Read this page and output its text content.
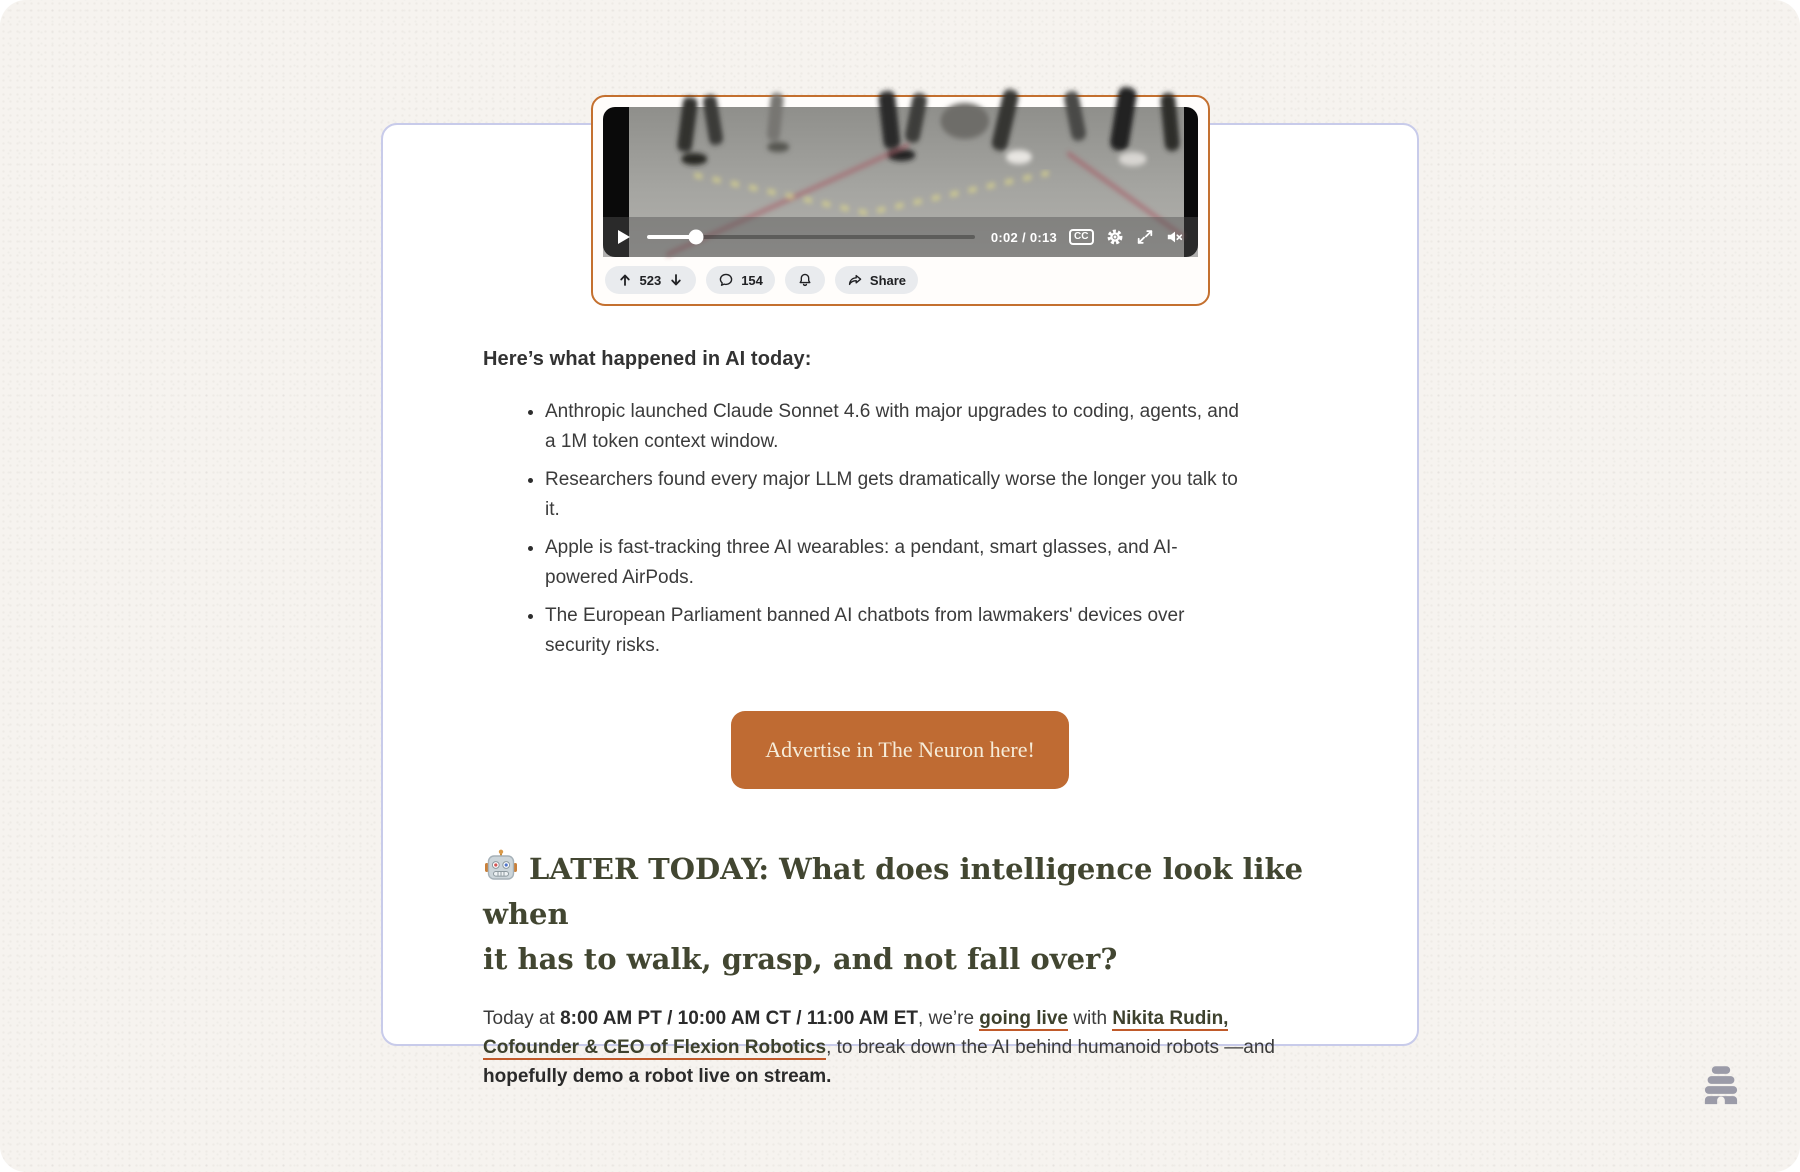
0:02 / 0:13	CC
523	154	Share
Here’s what happened in AI today:
• Anthropic launched Claude Sonnet 4.6 with major upgrades to coding, agents, and a 1M token context window.
• Researchers found every major LLM gets dramatically worse the longer you talk to it.
• Apple is fast-tracking three AI wearables: a pendant, smart glasses, and AI-powered AirPods.
• The European Parliament banned AI chatbots from lawmakers' devices over security risks.
Advertise in The Neuron here!
LATER TODAY: What does intelligence look like when
it has to walk, grasp, and not fall over?

Today at 8:00 AM PT / 10:00 AM CT / 11:00 AM ET, we’re going live with Nikita Rudin, Cofounder & CEO of Flexion Robotics, to break down the AI behind humanoid robots —and hopefully demo a robot live on stream.
